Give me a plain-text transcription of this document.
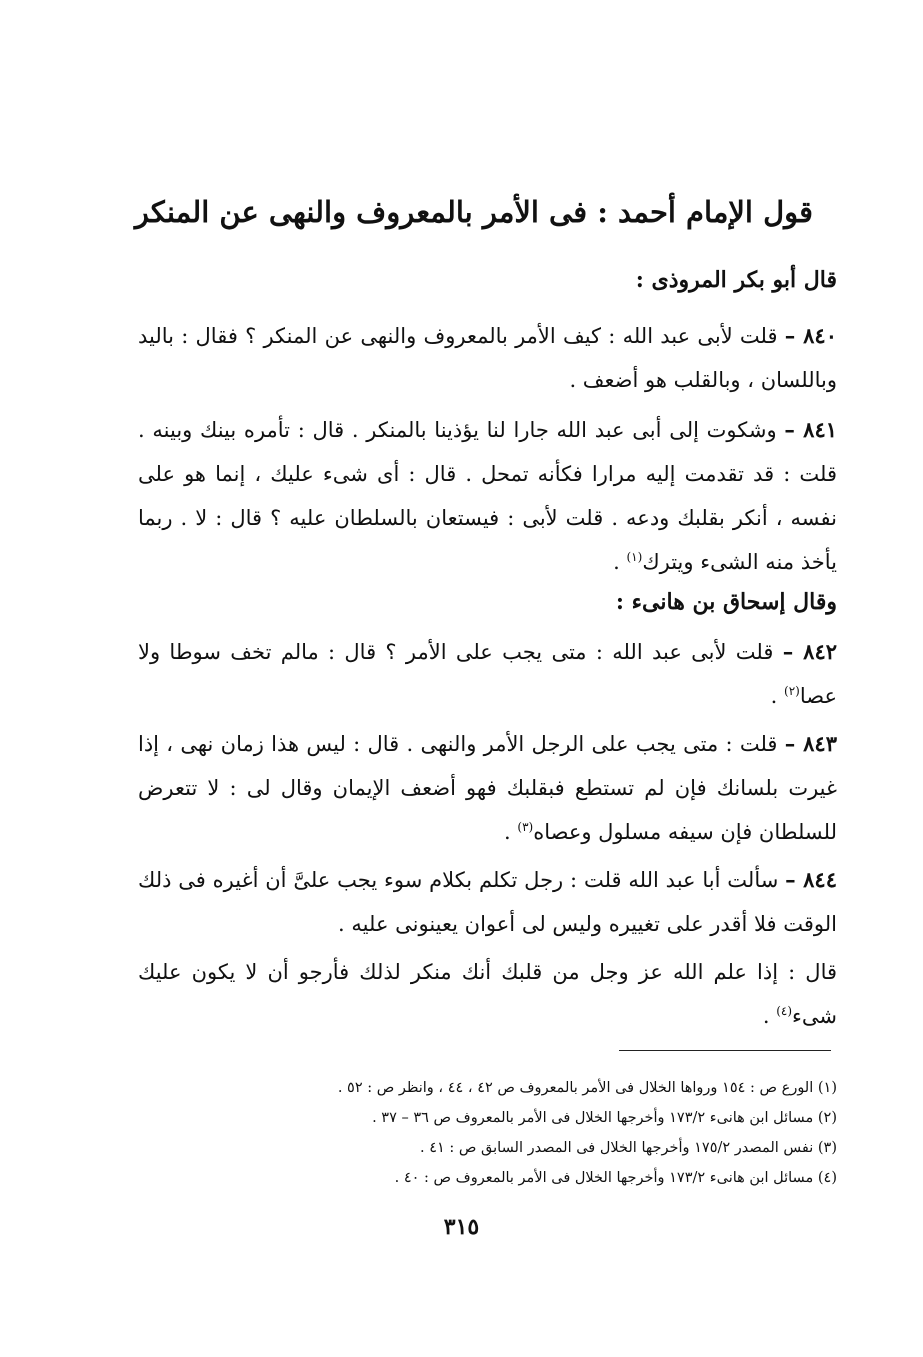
قول الإمام أحمد : فى الأمر بالمعروف والنهى عن المنكر
قال أبو بكر المروذى :
٨٤٠ – قلت لأبى عبد الله : كيف الأمر بالمعروف والنهى عن المنكر ؟ فقال : باليد وباللسان ، وبالقلب هو أضعف .
٨٤١ – وشكوت إلى أبى عبد الله جارا لنا يؤذينا بالمنكر . قال : تأمره بينك وبينه . قلت : قد تقدمت إليه مرارا فكأنه تمحل . قال : أى شىء عليك ، إنما هو على نفسه ، أنكر بقلبك ودعه . قلت لأبى : فيستعان بالسلطان عليه ؟ قال : لا . ربما يأخذ منه الشىء ويترك$^{(١)}$ .
وقال إسحاق بن هانىء :
٨٤٢ – قلت لأبى عبد الله : متى يجب على الأمر ؟ قال : مالم تخف سوطا ولا عصا$^{(٢)}$ .
٨٤٣ – قلت : متى يجب على الرجل الأمر والنهى . قال : ليس هذا زمان نهى ، إذا غيرت بلسانك فإن لم تستطع فبقلبك فهو أضعف الإيمان وقال لى : لا تتعرض للسلطان فإن سيفه مسلول وعصاه$^{(٣)}$ .
٨٤٤ – سألت أبا عبد الله قلت : رجل تكلم بكلام سوء يجب علىَّ أن أغيره فى ذلك الوقت فلا أقدر على تغييره وليس لى أعوان يعينونى عليه .
قال : إذا علم الله عز وجل من قلبك أنك منكر لذلك فأرجو أن لا يكون عليك شىء$^{(٤)}$ .
(١) الورع ص : ١٥٤ ورواها الخلال فى الأمر بالمعروف ص ٤٢ ، ٤٤ ، وانظر ص : ٥٢ .
(٢) مسائل ابن هانىء ١٧٣/٢ وأخرجها الخلال فى الأمر بالمعروف ص ٣٦ – ٣٧ .
(٣) نفس المصدر ١٧٥/٢ وأخرجها الخلال فى المصدر السابق ص : ٤١ .
(٤) مسائل ابن هانىء ١٧٣/٢ وأخرجها الخلال فى الأمر بالمعروف ص : ٤٠ .
٣١٥
